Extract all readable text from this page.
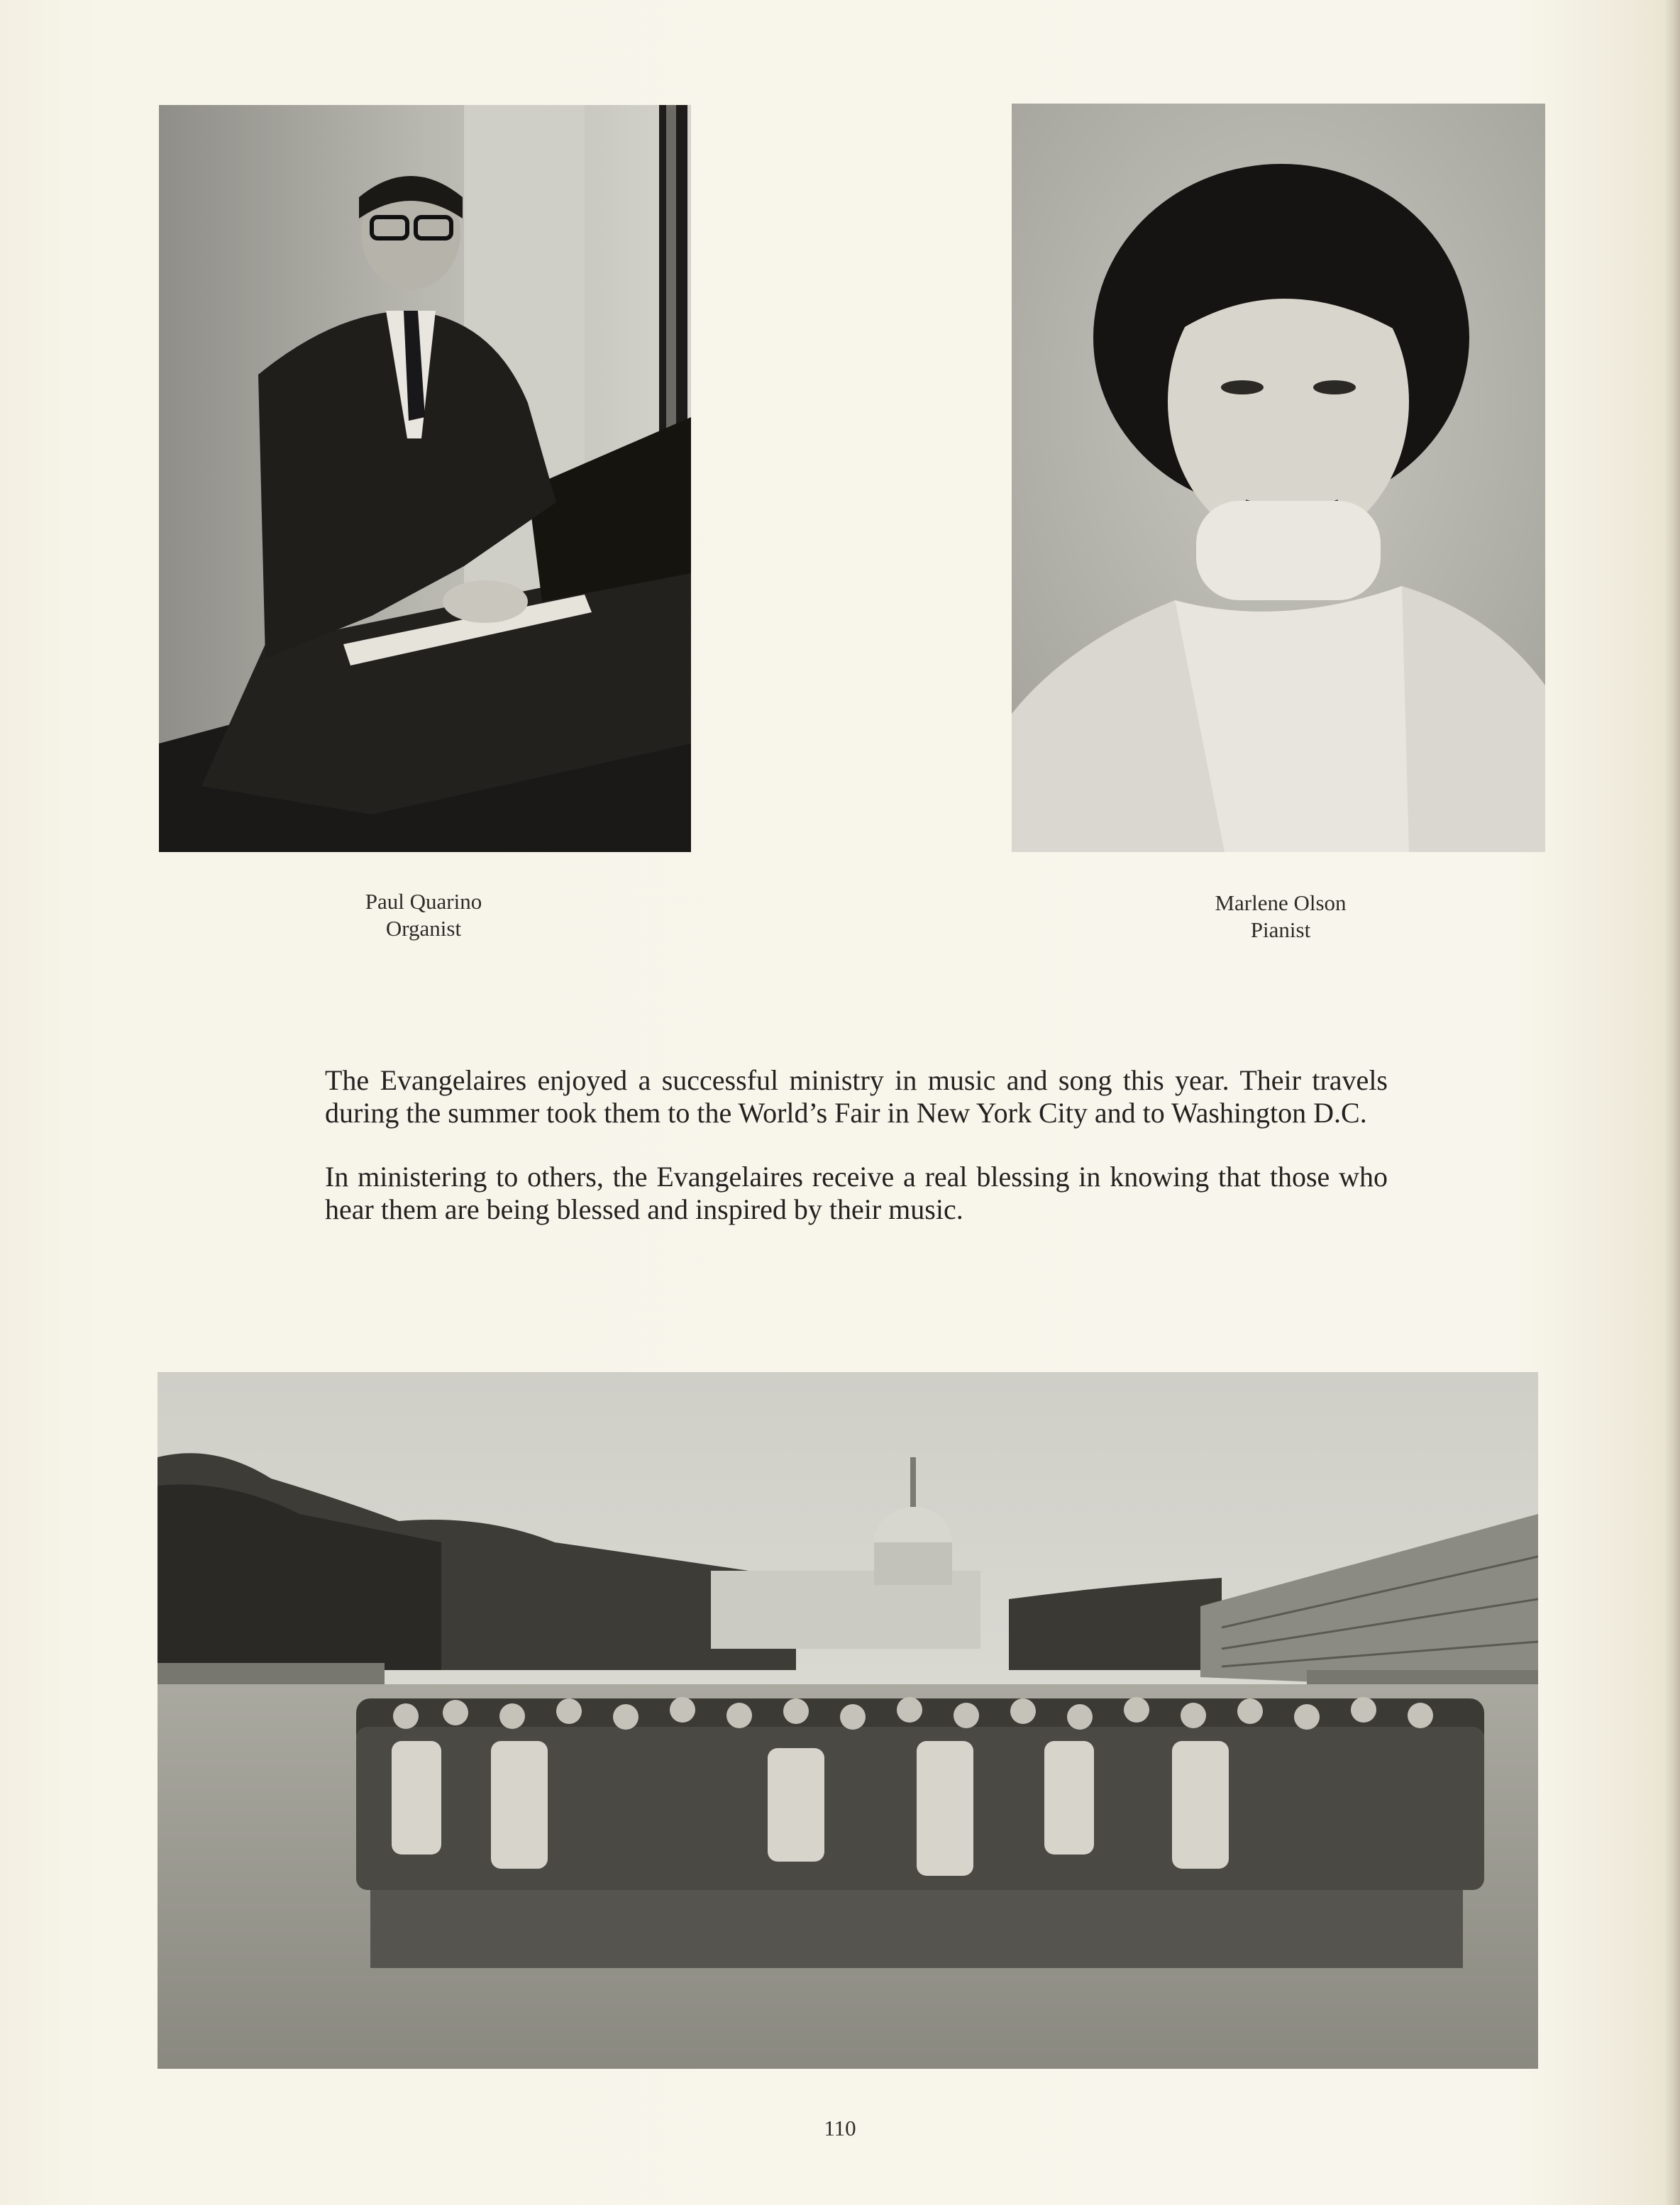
Paul Quarino
Organist
Marlene Olson
Pianist

The Evangelaires enjoyed a successful ministry in music and song this year. Their travels during the summer took them to the World’s Fair in New York City and to Washington D.C.

In ministering to others, the Evangelaires receive a real blessing in knowing that those who hear them are being blessed and inspired by their music.

110
